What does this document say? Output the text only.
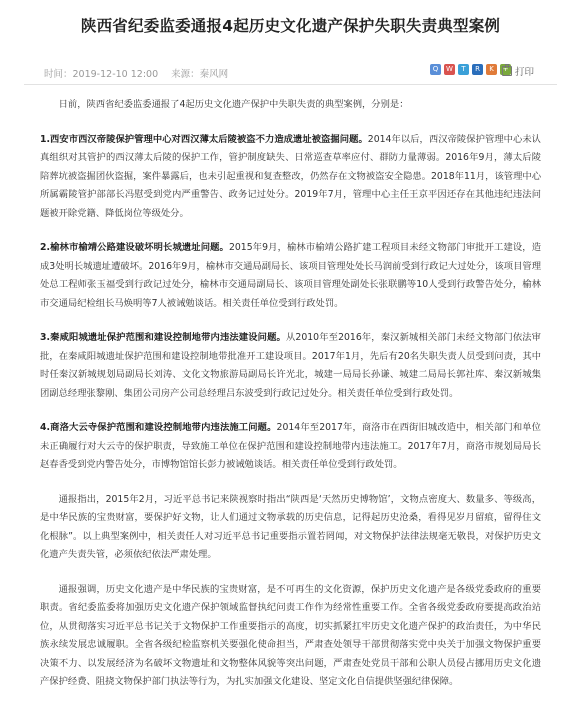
陕西省纪委监委通报4起历史文化遗产保护失职失责典型案例
时间：2019-12-10 12:00 来源：秦风网	Q	W	T	R	K	+ 打印

日前，陕西省纪委监委通报了4起历史文化遗产保护中失职失责的典型案例，分别是：

1.西安市西汉帝陵保护管理中心对西汉薄太后陵被盗不力造成遗址被盗掘问题。2014年以后，西汉帝陵保护管理中心未认真组织对其管护的西汉薄太后陵的保护工作，管护制度缺失、日常巡查草率应付、群防力量薄弱。2016年9月，薄太后陵陪葬坑被盗掘团伙盗掘，案件暴露后，也未引起重视和复查整改，仍然存在文物被盗安全隐患。2018年11月，该管理中心所属霸陵管护部部长冯慰受到党内严重警告、政务记过处分。2019年7月，管理中心主任王京平因还存在其他违纪违法问题被开除党籍、降低岗位等级处分。

2.榆林市榆靖公路建设破坏明长城遗址问题。2015年9月，榆林市榆靖公路扩建工程项目未经文物部门审批开工建设，造成3处明长城遗址遭破坏。2016年9月，榆林市交通局副局长、该项目管理处处长马润前受到行政记大过处分，该项目管理处总工程师张玉福受到行政记过处分，榆林市交通局副局长、该项目管理处副处长张联鹏等10人受到行政警告处分，榆林市交通局纪检组长马焕明等7人被诫勉谈话。相关责任单位受到行政处罚。

3.秦咸阳城遗址保护范围和建设控制地带内违法建设问题。从2010年至2016年，秦汉新城相关部门未经文物部门依法审批，在秦咸阳城遗址保护范围和建设控制地带批准开工建设项目。2017年1月，先后有20名失职失责人员受到问责，其中时任秦汉新城规划局副局长刘涛、文化文物旅游局副局长许光北，城建一局局长孙谦、城建二局局长郭社库、秦汉新城集团副总经理张黎刚、集团公司房产公司总经理吕东波受到行政记过处分。相关责任单位受到行政处罚。

4.商洛大云寺保护范围和建设控制地带内违法施工问题。2014年至2017年，商洛市在西街旧城改造中，相关部门和单位未正确履行对大云寺的保护职责，导致施工单位在保护范围和建设控制地带内违法施工。2017年7月，商洛市规划局局长赵春香受到党内警告处分，市博物馆馆长彭力被诫勉谈话。相关责任单位受到行政处罚。

通报指出，2015年2月，习近平总书记来陕视察时指出“陕西是‘天然历史博物馆’，文物点密度大、数量多、等级高，是中华民族的宝贵财富，要保护好文物，让人们通过文物承载的历史信息，记得起历史沧桑，看得见岁月留痕，留得住文化根脉”。以上典型案例中，相关责任人对习近平总书记重要指示置若罔闻，对文物保护法律法规毫无敬畏，对保护历史文化遗产失责失管，必须依纪依法严肃处理。

通报强调，历史文化遗产是中华民族的宝贵财富，是不可再生的文化资源，保护历史文化遗产是各级党委政府的重要职责。省纪委监委将加强历史文化遗产保护领域监督执纪问责工作作为经常性重要工作。全省各级党委政府要提高政治站位，从贯彻落实习近平总书记关于文物保护工作重要指示的高度，切实抓紧扛牢历史文化遗产保护的政治责任，为中华民族永续发展忠诚履职。全省各级纪检监察机关要强化使命担当，严肃查处领导干部贯彻落实党中央关于加强文物保护重要决策不力、以发展经济为名破坏文物遗址和文物整体风貌等突出问题，严肃查处党员干部和公职人员侵占挪用历史文化遗产保护经费、阻挠文物保护部门执法等行为，为扎实加强文化建设、坚定文化自信提供坚强纪律保障。
